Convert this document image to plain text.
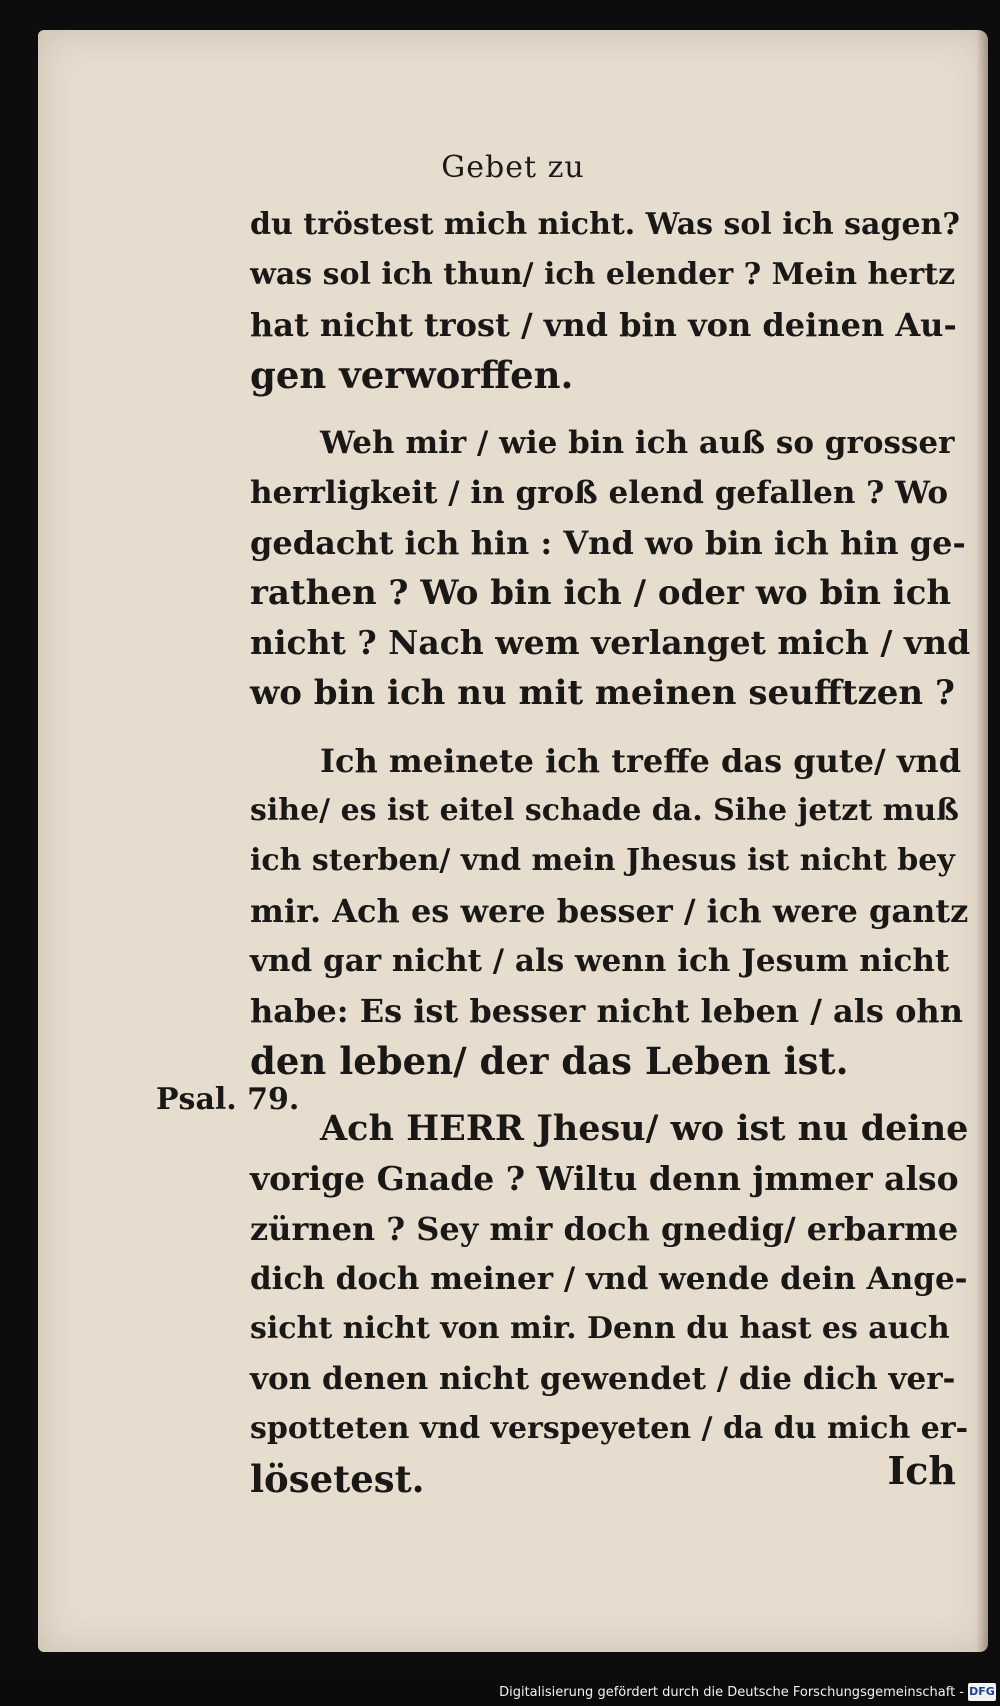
Gebet zu
du tröstest mich nicht. Was sol ich sagen?
was sol ich thun/ ich elender ? Mein hertz
hat nicht trost / vnd bin von deinen Au-
gen verworffen.
Weh mir / wie bin ich auß so grosser
herrligkeit / in groß elend gefallen ? Wo
gedacht ich hin : Vnd wo bin ich hin ge-
rathen ? Wo bin ich / oder wo bin ich
nicht ? Nach wem verlanget mich / vnd
wo bin ich nu mit meinen seufftzen ?
Ich meinete ich treffe das gute/ vnd
sihe/ es ist eitel schade da. Sihe jetzt muß
ich sterben/ vnd mein Jhesus ist nicht bey
mir. Ach es were besser / ich were gantz
vnd gar nicht / als wenn ich Jesum nicht
habe: Es ist besser nicht leben / als ohn
den leben/ der das Leben ist.
Ach HERR Jhesu/ wo ist nu deine
vorige Gnade ? Wiltu denn jmmer also
zürnen ? Sey mir doch gnedig/ erbarme
dich doch meiner / vnd wende dein Ange-
sicht nicht von mir. Denn du hast es auch
von denen nicht gewendet / die dich ver-
spotteten vnd verspeyeten / da du mich er-
lösetest.
Psal. 79.
Ich
Digitalisierung gefördert durch die Deutsche Forschungsgemeinschaft - DFG
